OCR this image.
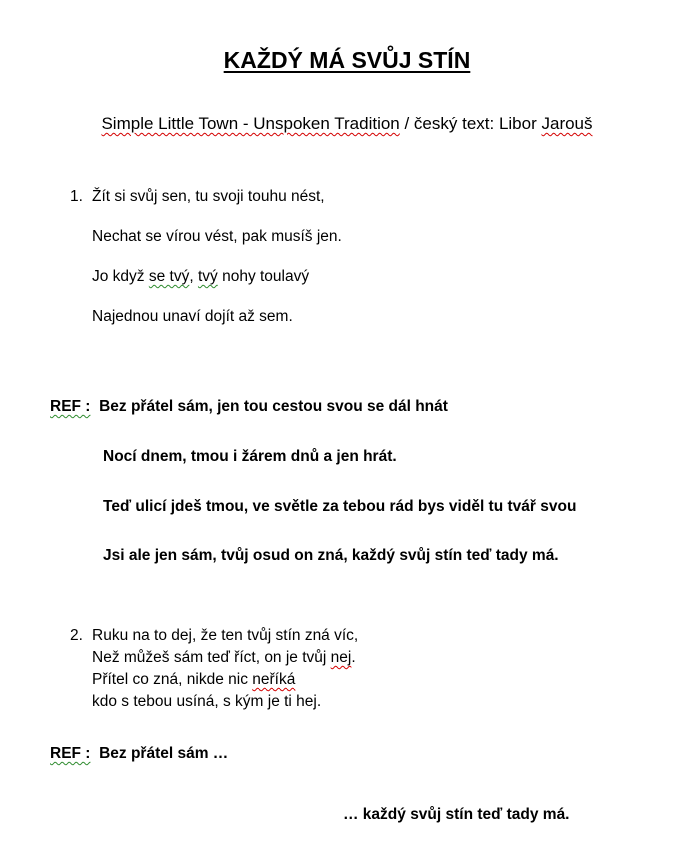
KAŽDÝ MÁ SVŮJ STÍN
Simple Little Town - Unspoken Tradition / český text: Libor Jarouš
1. Žít si svůj sen, tu svoji touhu nést,
Nechat se vírou vést, pak musíš jen.
Jo když se tvý, tvý nohy toulavý
Najednou unaví dojít až sem.
REF : Bez přátel sám, jen tou cestou svou se dál hnát
Nocí dnem, tmou i žárem dnů a jen hrát.
Teď ulicí jdeš tmou, ve světle za tebou rád bys viděl tu tvář svou
Jsi ale jen sám, tvůj osud on zná, každý svůj stín teď tady má.
2. Ruku na to dej, že ten tvůj stín zná víc,
Než můžeš sám teď říct, on je tvůj nej.
Přítel co zná, nikde nic neříká
kdo s tebou usíná, s kým je ti hej.
REF : Bez přátel sám …
… každý svůj stín teď tady má.
